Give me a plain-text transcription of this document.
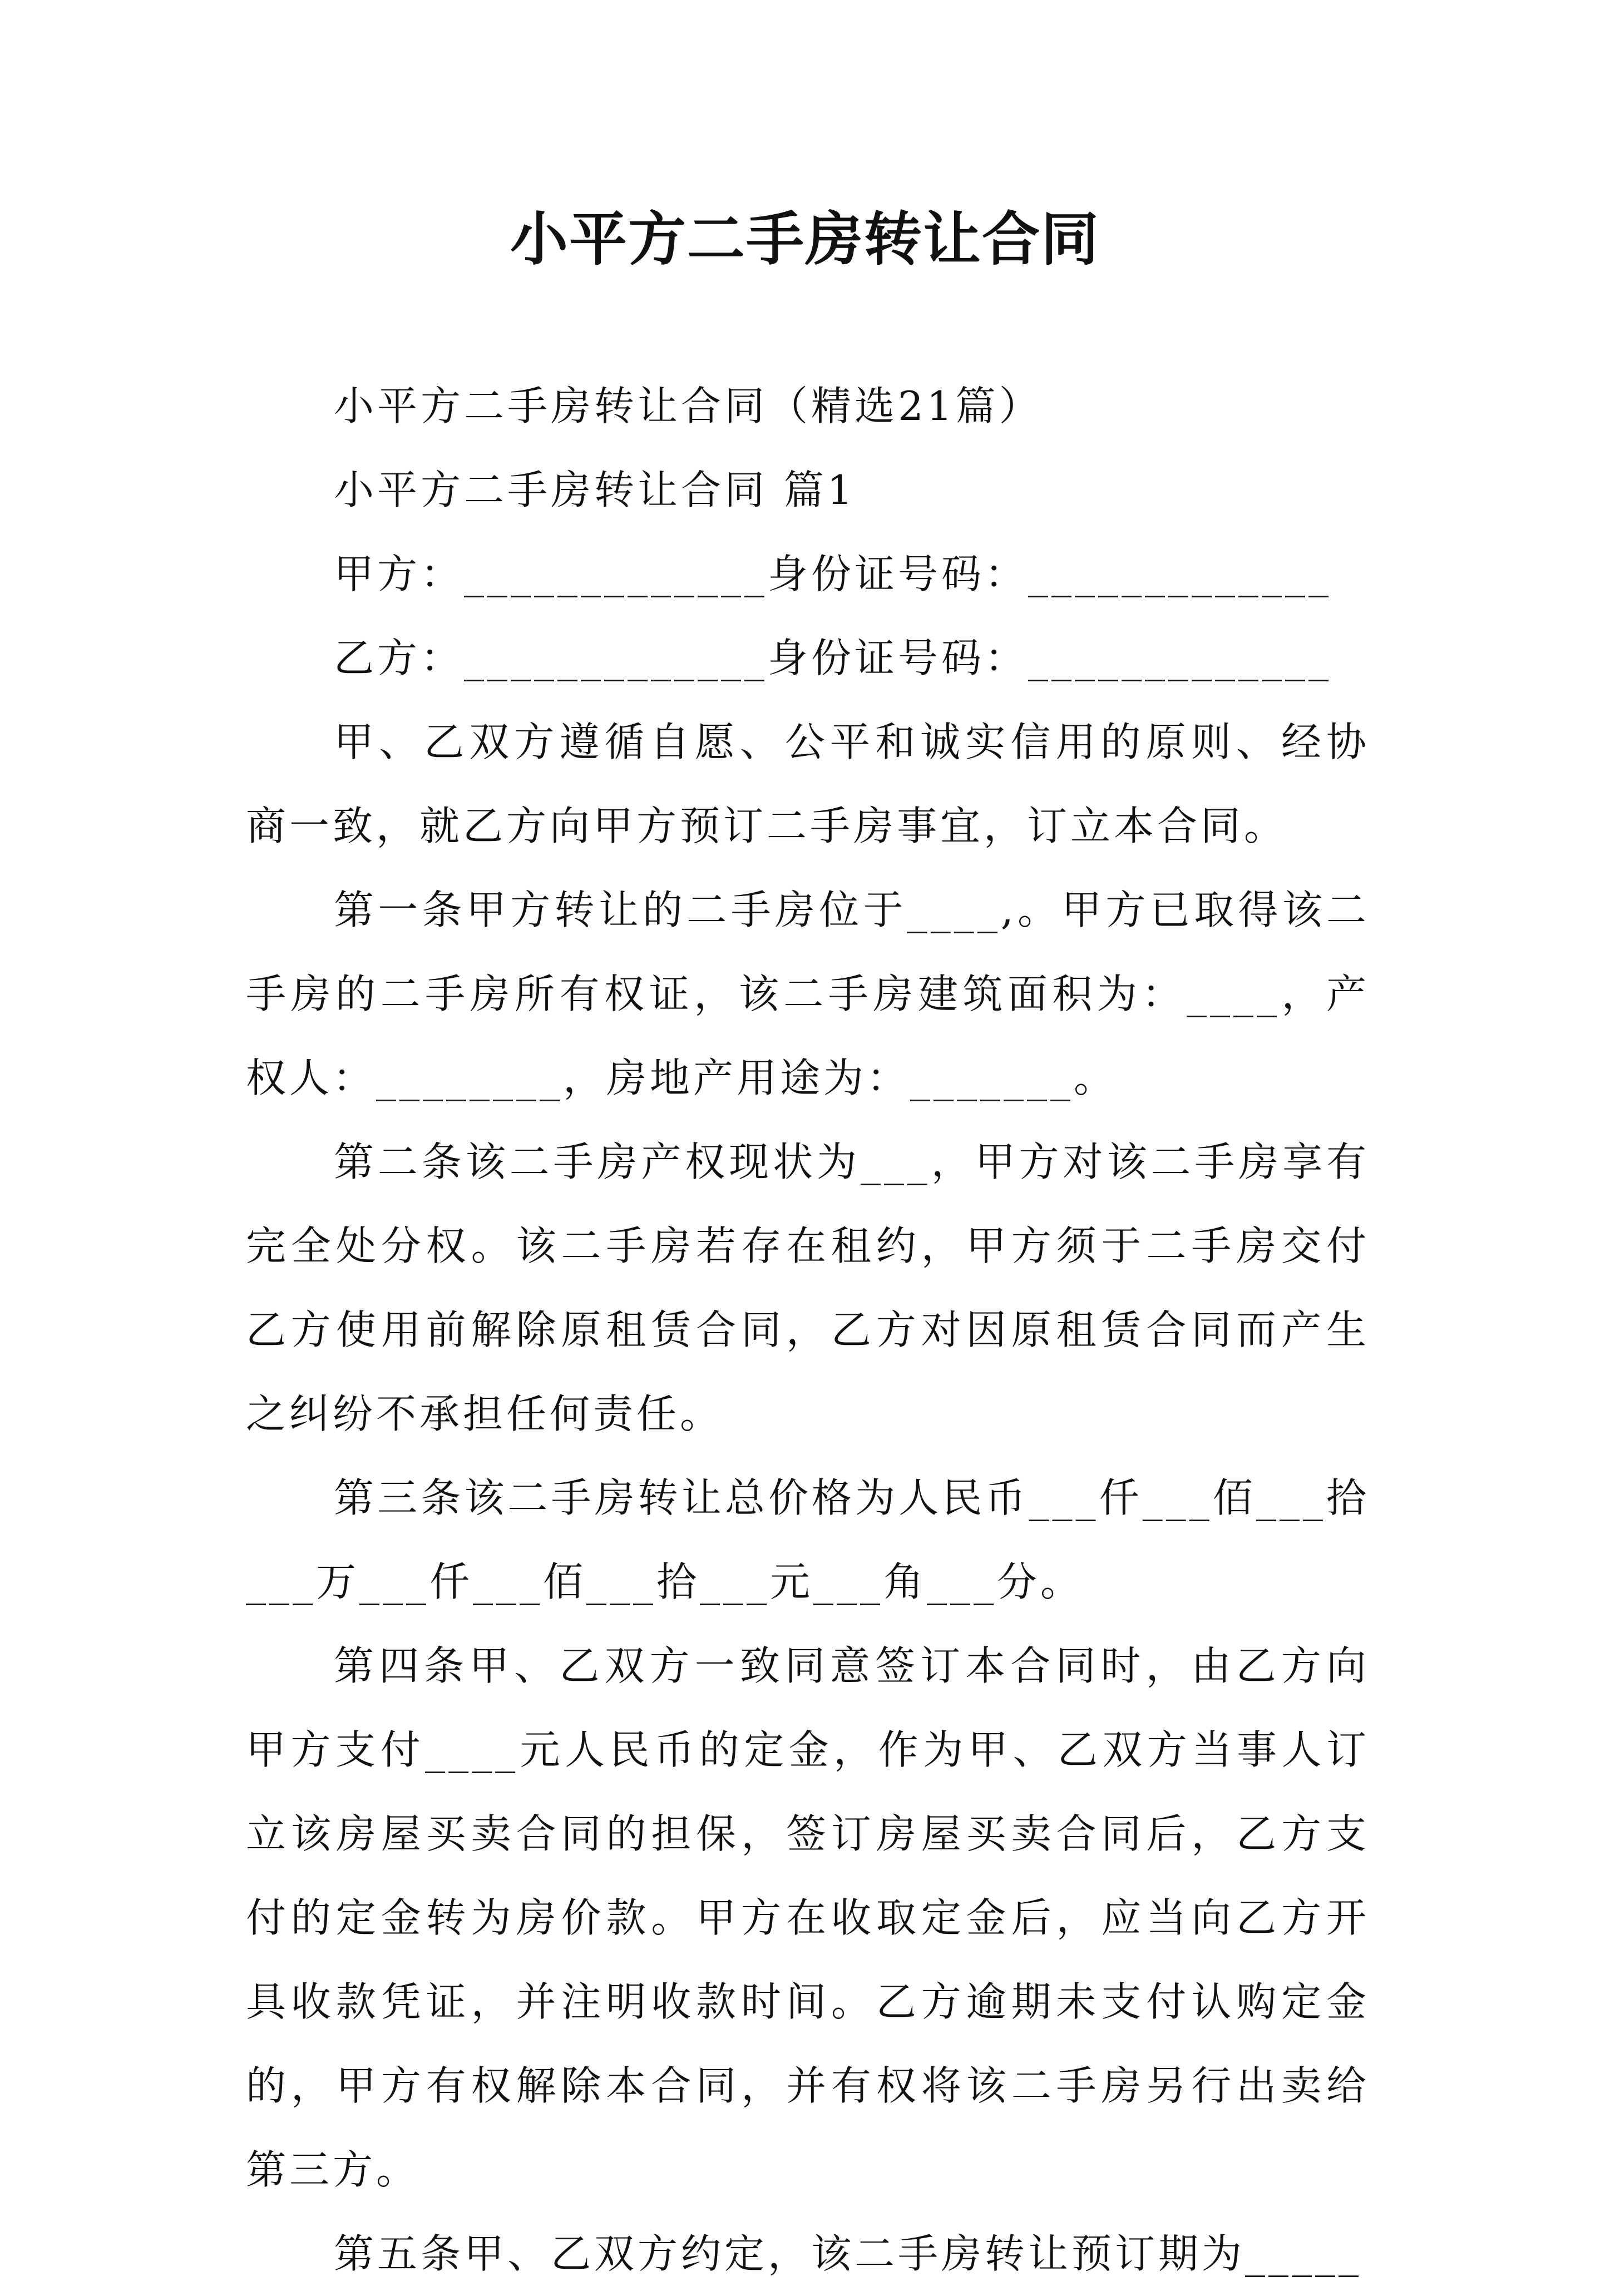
小平方二手房转让合同

小平方二手房转让合同（精选21篇）

小平方二手房转让合同 篇1

甲方：_____________身份证号码：_____________

乙方：_____________身份证号码：_____________

甲、乙双方遵循自愿、公平和诚实信用的原则、经协商一致，就乙方向甲方预订二手房事宜，订立本合同。

第一条甲方转让的二手房位于____,。甲方已取得该二手房的二手房所有权证，该二手房建筑面积为：____，产权人：________，房地产用途为：_______。

第二条该二手房产权现状为___，甲方对该二手房享有完全处分权。该二手房若存在租约，甲方须于二手房交付乙方使用前解除原租赁合同，乙方对因原租赁合同而产生之纠纷不承担任何责任。

第三条该二手房转让总价格为人民币___仟___佰___拾___万___仟___佰___拾___元___角___分。

第四条甲、乙双方一致同意签订本合同时，由乙方向甲方支付____元人民币的定金，作为甲、乙双方当事人订立该房屋买卖合同的担保，签订房屋买卖合同后，乙方支付的定金转为房价款。甲方在收取定金后，应当向乙方开具收款凭证，并注明收款时间。乙方逾期未支付认购定金的，甲方有权解除本合同，并有权将该二手房另行出卖给第三方。

第五条甲、乙双方约定，该二手房转让预订期为_____
